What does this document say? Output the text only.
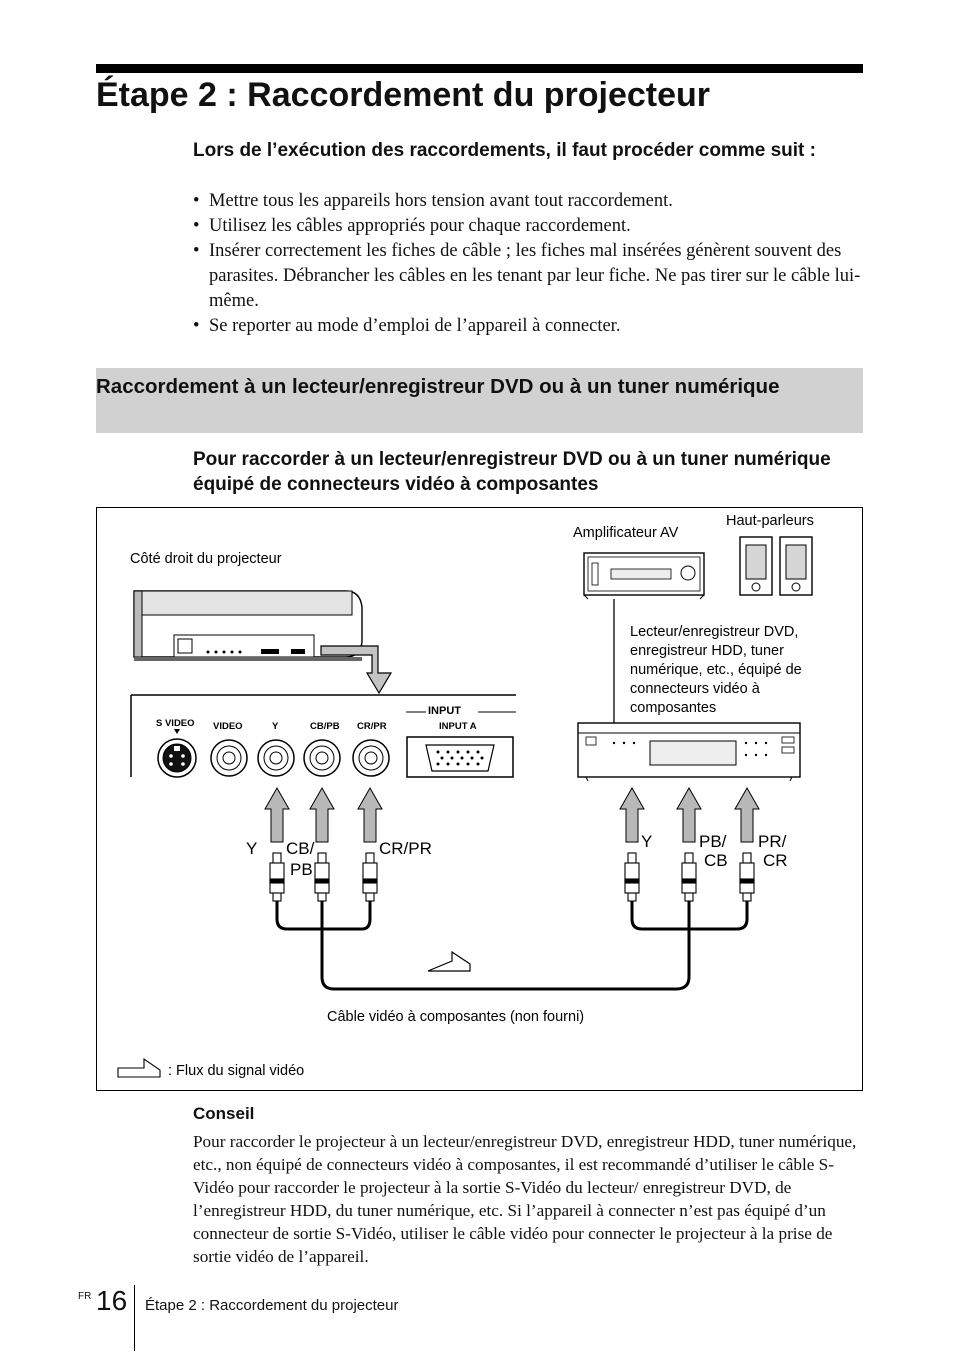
Étape 2 : Raccordement du projecteur

Lors de l’exécution des raccordements, il faut procéder comme suit :

• Mettre tous les appareils hors tension avant tout raccordement.
• Utilisez les câbles appropriés pour chaque raccordement.
• Insérer correctement les fiches de câble ; les fiches mal insérées génèrent souvent des parasites. Débrancher les câbles en les tenant par leur fiche. Ne pas tirer sur le câble lui-même.
• Se reporter au mode d’emploi de l’appareil à connecter.
Raccordement à un lecteur/enregistreur DVD ou à un tuner numérique
Pour raccorder à un lecteur/enregistreur DVD ou à un tuner numérique équipé de connecteurs vidéo à composantes
Côté droit du projecteur
Amplificateur AV
Haut-parleurs
Lecteur/enregistreur DVD,
enregistreur HDD, tuner
numérique, etc., équipé de
connecteurs vidéo à
composantes
INPUT
INPUT A
S VIDEO VIDEO	Y	CB/PB CR/PR
Y CB/
PB
CR/PR	Y	PB/
CB
PR/
CR
Câble vidéo à composantes (non fourni)
: Flux du signal vidéo

Conseil

Pour raccorder le projecteur à un lecteur/enregistreur DVD, enregistreur HDD, tuner numérique, etc., non équipé de connecteurs vidéo à composantes, il est recommandé d’utiliser le câble S-Vidéo pour raccorder le projecteur à la sortie S-Vidéo du lecteur/ enregistreur DVD, de l’enregistreur HDD, du tuner numérique, etc. Si l’appareil à connecter n’est pas équipé d’un connecteur de sortie S-Vidéo, utiliser le câble vidéo pour connecter le projecteur à la prise de sortie vidéo de l’appareil.

FR 16 Étape 2 : Raccordement du projecteur
